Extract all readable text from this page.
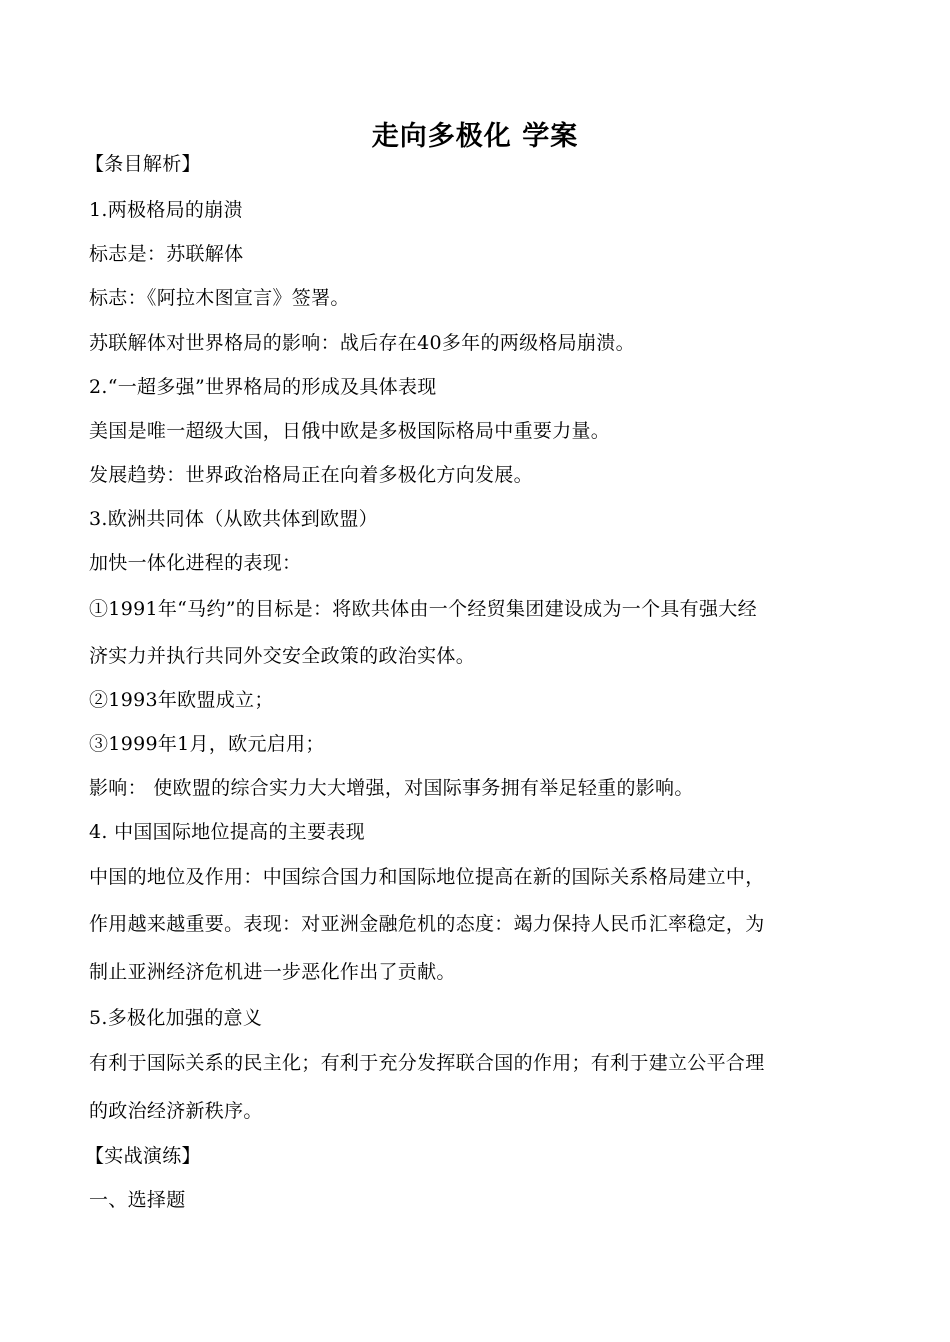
走向多极化 学案
【条目解析】
1.两极格局的崩溃
标志是：苏联解体
标志：《阿拉木图宣言》签署。
苏联解体对世界格局的影响：战后存在40多年的两级格局崩溃。
2.“一超多强”世界格局的形成及具体表现
美国是唯一超级大国，日俄中欧是多极国际格局中重要力量。
发展趋势：世界政治格局正在向着多极化方向发展。
3.欧洲共同体（从欧共体到欧盟）
加快一体化进程的表现：
①1991年“马约”的目标是：将欧共体由一个经贸集团建设成为一个具有强大经
济实力并执行共同外交安全政策的政治实体。
②1993年欧盟成立；
③1999年1月，欧元启用；
影响： 使欧盟的综合实力大大增强，对国际事务拥有举足轻重的影响。
4. 中国国际地位提高的主要表现
中国的地位及作用：中国综合国力和国际地位提高在新的国际关系格局建立中，
作用越来越重要。表现：对亚洲金融危机的态度：竭力保持人民币汇率稳定，为
制止亚洲经济危机进一步恶化作出了贡献。
5.多极化加强的意义
有利于国际关系的民主化；有利于充分发挥联合国的作用；有利于建立公平合理
的政治经济新秩序。
【实战演练】
一、选择题
